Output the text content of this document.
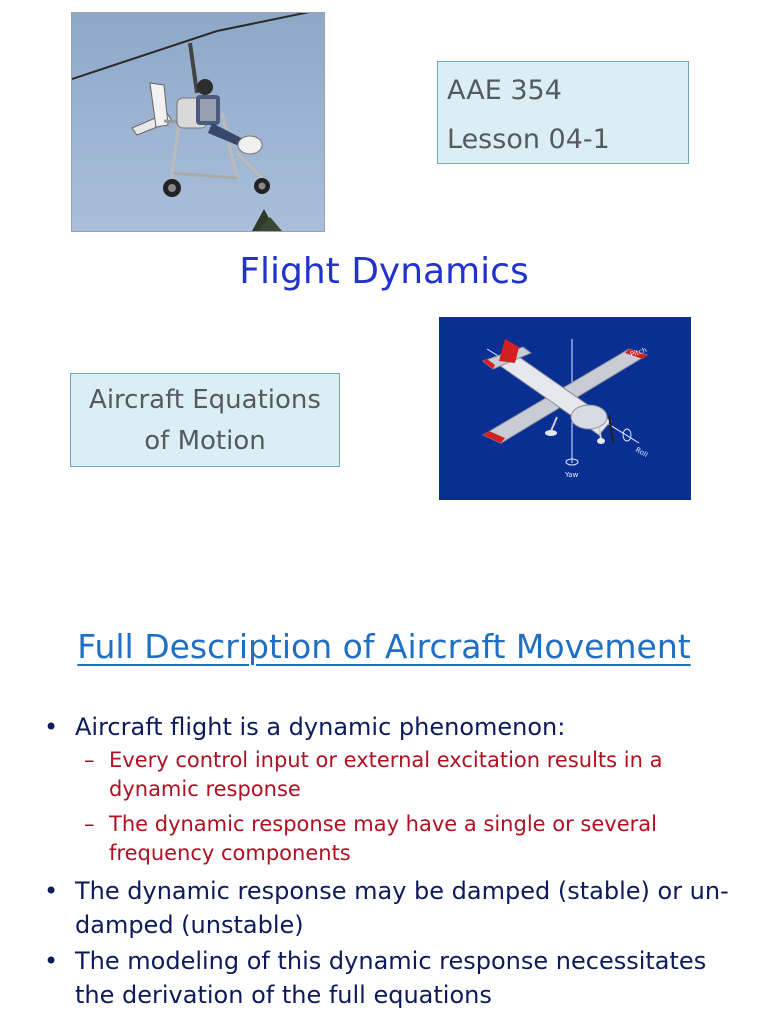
AAE 354
Lesson 04-1
Flight Dynamics
Aircraft Equations of Motion
Pitch
Roll
Yaw
Full Description of Aircraft Movement
• Aircraft flight is a dynamic phenomenon:
– Every control input or external excitation results in a dynamic response
– The dynamic response may have a single or several frequency components
• The dynamic response may be damped (stable) or un-damped (unstable)
• The modeling of this dynamic response necessitates the derivation of the full equations
